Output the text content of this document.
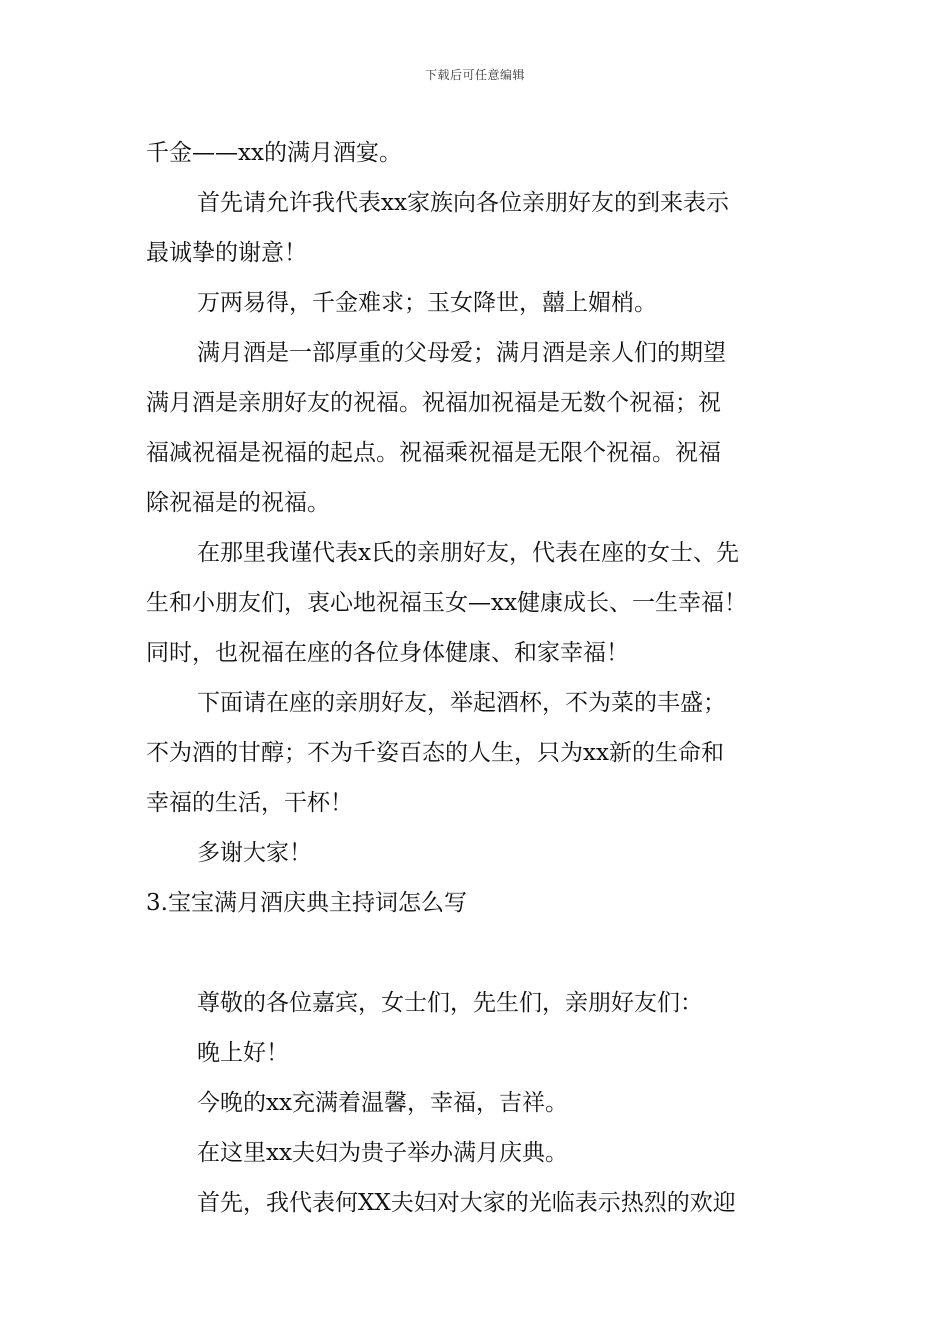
下载后可任意编辑
千金——xx的满月酒宴。
首先请允许我代表xx家族向各位亲朋好友的到来表示
最诚挚的谢意！
万两易得，千金难求；玉女降世，囍上媚梢。
满月酒是一部厚重的父母爱；满月酒是亲人们的期望
满月酒是亲朋好友的祝福。祝福加祝福是无数个祝福；祝
福减祝福是祝福的起点。祝福乘祝福是无限个祝福。祝福
除祝福是的祝福。
在那里我谨代表x氏的亲朋好友，代表在座的女士、先
生和小朋友们，衷心地祝福玉女—xx健康成长、一生幸福！
同时，也祝福在座的各位身体健康、和家幸福！
下面请在座的亲朋好友，举起酒杯，不为菜的丰盛；
不为酒的甘醇；不为千姿百态的人生，只为xx新的生命和
幸福的生活，干杯！
多谢大家！
3.宝宝满月酒庆典主持词怎么写
尊敬的各位嘉宾，女士们，先生们，亲朋好友们：
晚上好！
今晚的xx充满着温馨，幸福，吉祥。
在这里xx夫妇为贵子举办满月庆典。
首先，我代表何XX夫妇对大家的光临表示热烈的欢迎
